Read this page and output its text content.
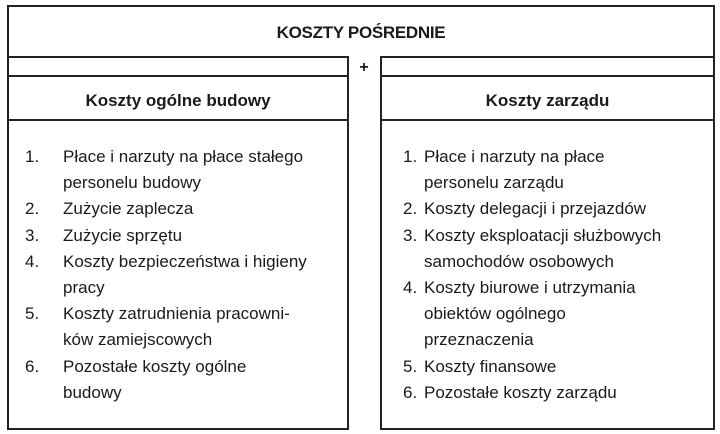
KOSZTY POŚREDNIE
Koszty ogólne budowy
1.	Płace i narzuty na płace stałego
personelu budowy
2.	Zużycie zaplecza
3.	Zużycie sprzętu
4.	Koszty bezpieczeństwa i higieny
pracy
5.	Koszty zatrudnienia pracowni-
ków zamiejscowych
6.	Pozostałe koszty ogólne
budowy
+
Koszty zarządu
1. Płace i narzuty na płace
personelu zarządu
2. Koszty delegacji i przejazdów
3. Koszty eksploatacji służbowych
samochodów osobowych
4. Koszty biurowe i utrzymania
obiektów ogólnego
przeznaczenia
5. Koszty finansowe
6. Pozostałe koszty zarządu
